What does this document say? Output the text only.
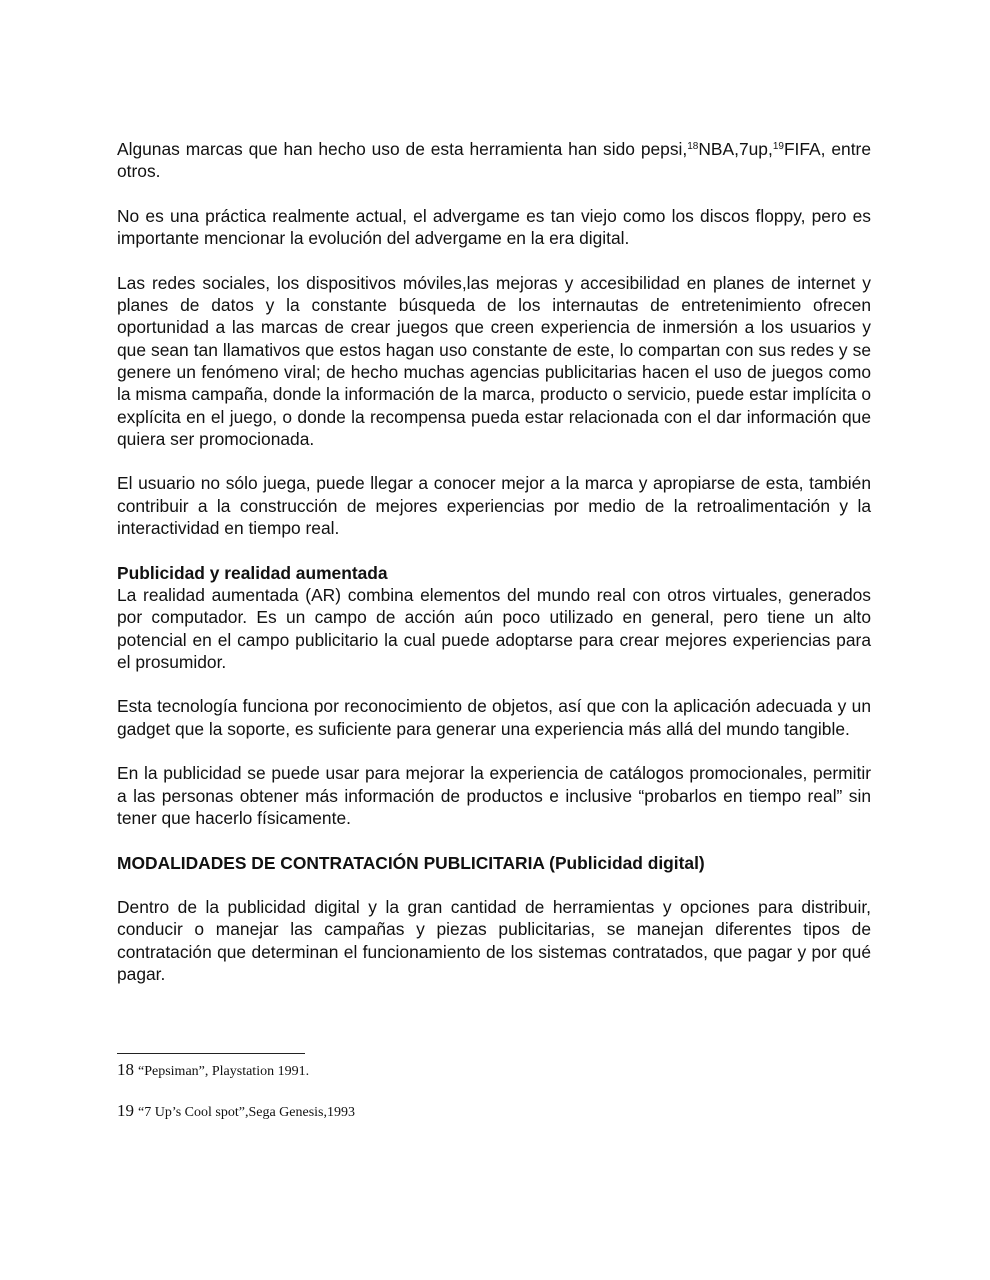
Algunas marcas que han hecho uso de esta herramienta han sido pepsi,$^{18}$NBA,7up,$^{19}$FIFA, entre otros.

No es una práctica realmente actual, el advergame es tan viejo como los discos floppy, pero es importante mencionar la evolución del advergame en la era digital.

Las redes sociales, los dispositivos móviles,las mejoras y accesibilidad en planes de internet y planes de datos y la constante búsqueda de los internautas de entretenimiento ofrecen oportunidad a las marcas de crear juegos que creen experiencia de inmersión a los usuarios y que sean tan llamativos que estos hagan uso constante de este, lo compartan con sus redes y se genere un fenómeno viral; de hecho muchas agencias publicitarias hacen el uso de juegos como la misma campaña, donde la información de la marca, producto o servicio, puede estar implícita o explícita en el juego, o donde la recompensa pueda estar relacionada con el dar información que quiera ser promocionada.

El usuario no sólo juega, puede llegar a conocer mejor a la marca y apropiarse de esta, también contribuir a la construcción de mejores experiencias por medio de la retroalimentación y la interactividad en tiempo real.

Publicidad y realidad aumentada

La realidad aumentada (AR) combina elementos del mundo real con otros virtuales, generados por computador. Es un campo de acción aún poco utilizado en general, pero tiene un alto potencial en el campo publicitario la cual puede adoptarse para crear mejores experiencias para el prosumidor.

Esta tecnología funciona por reconocimiento de objetos, así que con la aplicación adecuada y un gadget que la soporte, es suficiente para generar una experiencia más allá del mundo tangible.

En la publicidad se puede usar para mejorar la experiencia de catálogos promocionales, permitir a las personas obtener más información de productos e inclusive “probarlos en tiempo real” sin tener que hacerlo físicamente.

MODALIDADES DE CONTRATACIÓN PUBLICITARIA (Publicidad digital)

Dentro de la publicidad digital y la gran cantidad de herramientas y opciones para distribuir, conducir o manejar las campañas y piezas publicitarias, se manejan diferentes tipos de contratación que determinan el funcionamiento de los sistemas contratados, que pagar y por qué pagar.

18 “Pepsiman”, Playstation 1991.
19 “7 Up’s Cool spot”,Sega Genesis,1993
